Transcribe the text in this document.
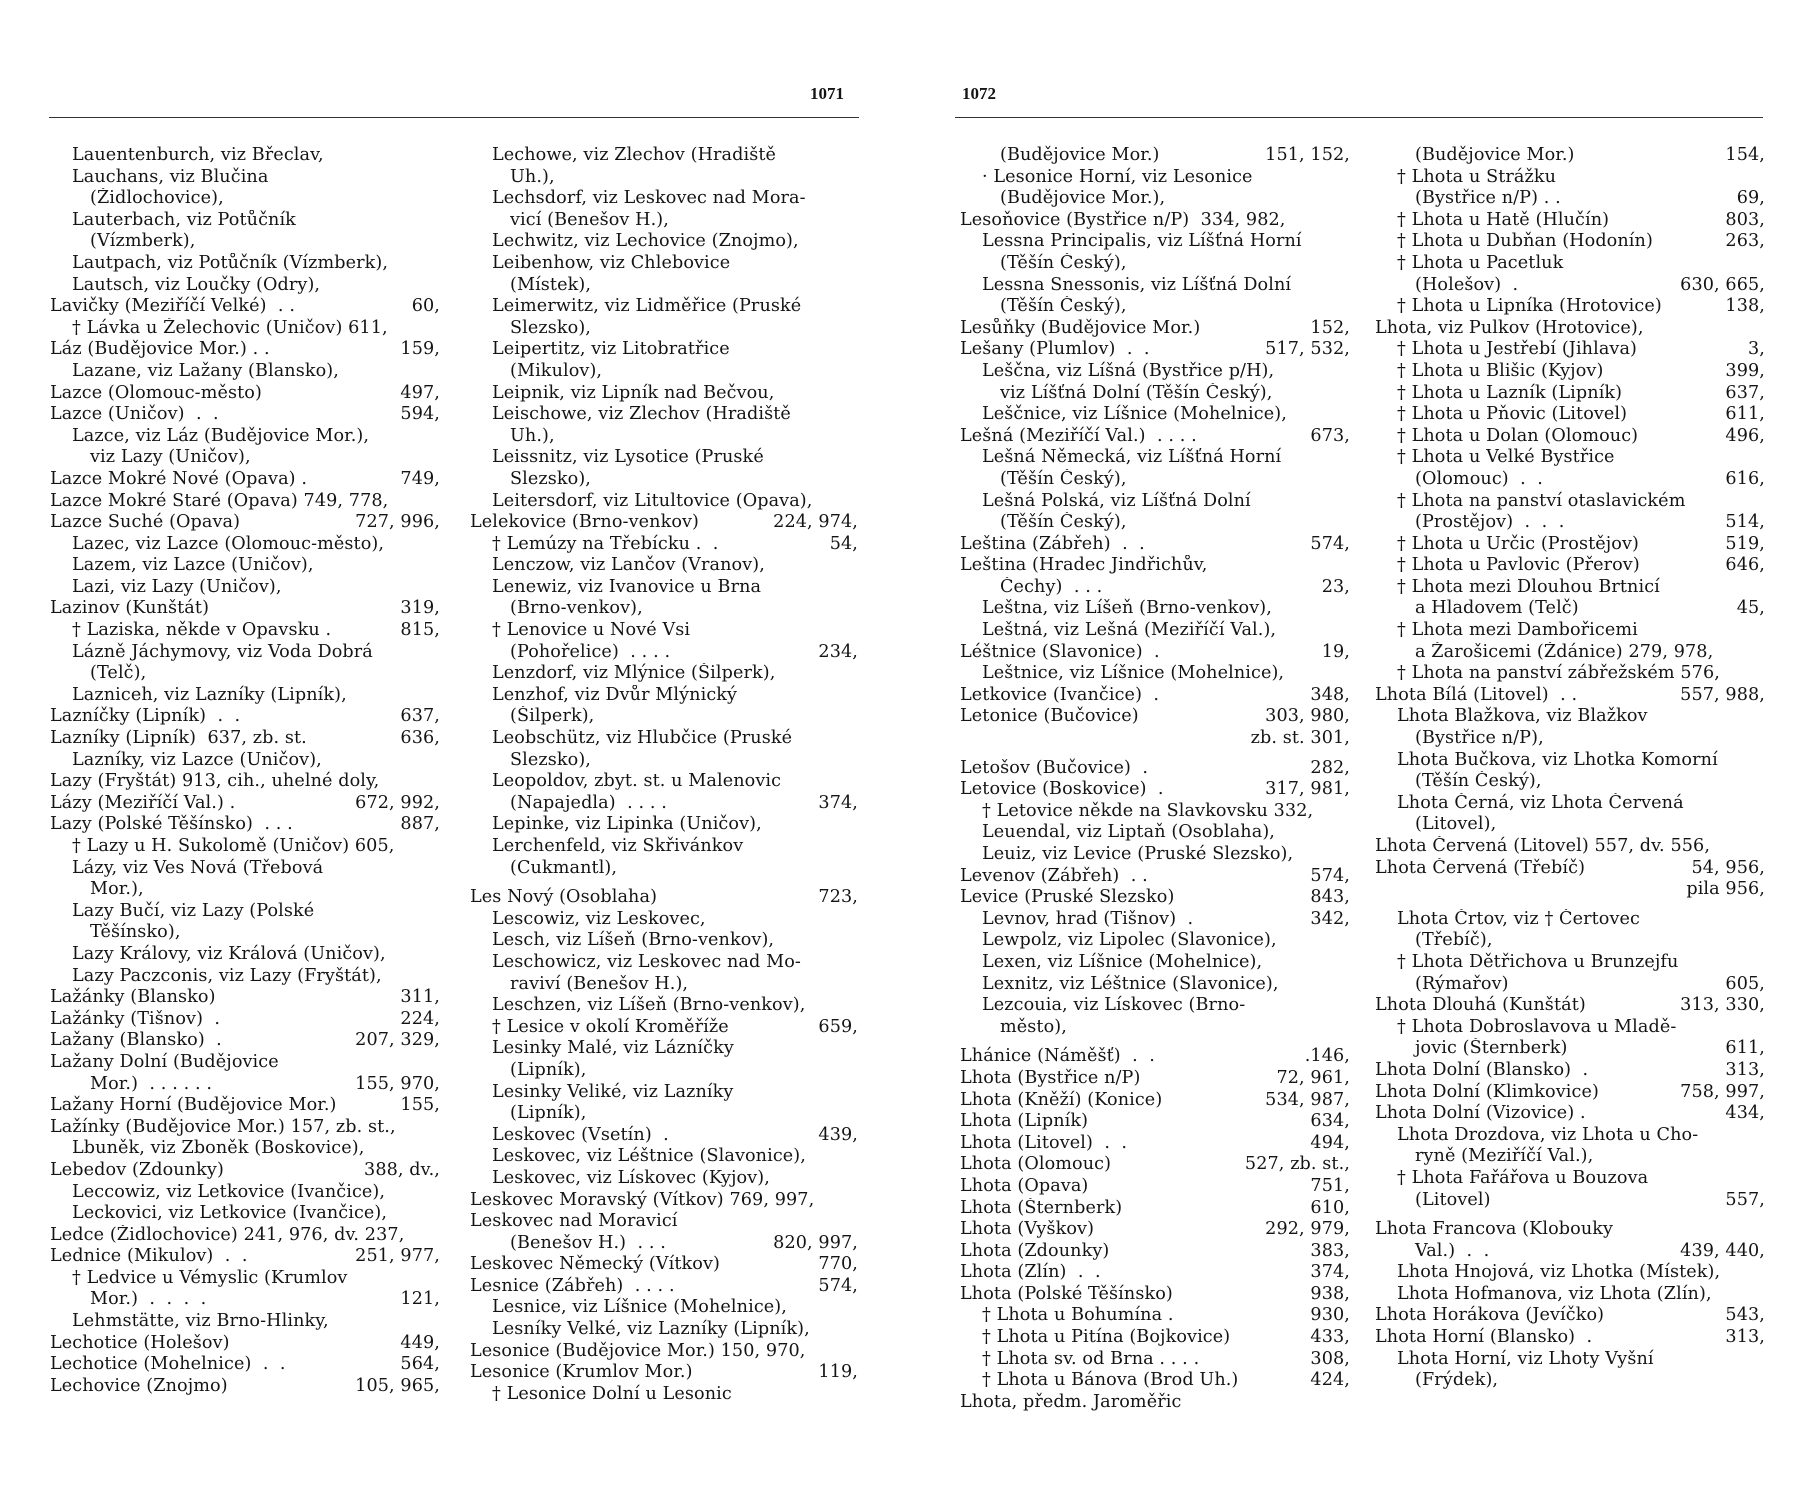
1071
Lauentenburch, viz Břeclav,
Lauchans, viz Blučina
(Židlochovice),
Lauterbach, viz Potůčník
(Vízmberk),
Lautpach, viz Potůčník (Vízmberk),
Lautsch, viz Loučky (Odry),
Lavičky (Meziříčí Velké)  . .	60,
† Lávka u Želechovic (Uničov) 611,
Láz (Budějovice Mor.) . .	159,
Lazane, viz Lažany (Blansko),
Lazce (Olomouc-město)	497,
Lazce (Uničov)  .  .	594,
Lazce, viz Láz (Budějovice Mor.),
viz Lazy (Uničov),
Lazce Mokré Nové (Opava) .	749,
Lazce Mokré Staré (Opava) 749, 778,
Lazce Suché (Opava)	727, 996,
Lazec, viz Lazce (Olomouc-město),
Lazem, viz Lazce (Uničov),
Lazi, viz Lazy (Uničov),
Lazinov (Kunštát)	319,
† Laziska, někde v Opavsku .	815,
Lázně Jáchymovy, viz Voda Dobrá
(Telč),
Lazniceh, viz Lazníky (Lipník),
Lazníčky (Lipník)  .  .	637,
Lazníky (Lipník)  637, zb. st.	636,
Lazníky, viz Lazce (Uničov),
Lazy (Fryštát) 913, cih., uhelné doly,
Lázy (Meziříčí Val.) .	672, 992,
Lazy (Polské Těšínsko)  . . .	887,
† Lazy u H. Sukolomě (Uničov) 605,
Lázy, viz Ves Nová (Třebová
Mor.),
Lazy Bučí, viz Lazy (Polské
Těšínsko),
Lazy Královy, viz Králová (Uničov),
Lazy Paczconis, viz Lazy (Fryštát),
Lažánky (Blansko)	311,
Lažánky (Tišnov)  .	224,
Lažany (Blansko)  .	207, 329,
Lažany Dolní (Budějovice
Mor.)  . . . . . .	155, 970,
Lažany Horní (Budějovice Mor.)	155,
Lažínky (Budějovice Mor.) 157, zb. st.,
Lbuněk, viz Zboněk (Boskovice),
Lebedov (Zdounky)	388, dv.,
Leccowiz, viz Letkovice (Ivančice),
Leckovici, viz Letkovice (Ivančice),
Ledce (Židlochovice) 241, 976, dv. 237,
Lednice (Mikulov)  .  .	251, 977,
† Ledvice u Vémyslic (Krumlov
Mor.)  .  .  .  .	121,
Lehmstätte, viz Brno-Hlinky,
Lechotice (Holešov)	449,
Lechotice (Mohelnice)  .  .	564,
Lechovice (Znojmo)	105, 965,
Lechowe, viz Zlechov (Hradiště
Uh.),
Lechsdorf, viz Leskovec nad Mora-
vicí (Benešov H.),
Lechwitz, viz Lechovice (Znojmo),
Leibenhow, viz Chlebovice
(Místek),
Leimerwitz, viz Lidměřice (Pruské
Slezsko),
Leipertitz, viz Litobratřice
(Mikulov),
Leipnik, viz Lipník nad Bečvou,
Leischowe, viz Zlechov (Hradiště
Uh.),
Leissnitz, viz Lysotice (Pruské
Slezsko),
Leitersdorf, viz Litultovice (Opava),
Lelekovice (Brno-venkov)	224, 974,
† Lemúzy na Třebícku .  .	54,
Lenczow, viz Lančov (Vranov),
Lenewiz, viz Ivanovice u Brna
(Brno-venkov),
† Lenovice u Nové Vsi
(Pohořelice)  . . . .	234,
Lenzdorf, viz Mlýnice (Šilperk),
Lenzhof, viz Dvůr Mlýnický
(Šilperk),
Leobschütz, viz Hlubčice (Pruské
Slezsko),
Leopoldov, zbyt. st. u Malenovic
(Napajedla)  . . . .	374,
Lepinke, viz Lipinka (Uničov),
Lerchenfeld, viz Skřivánkov
(Cukmantl),
Les Nový (Osoblaha)	723,
Lescowiz, viz Leskovec,
Lesch, viz Líšeň (Brno-venkov),
Leschowicz, viz Leskovec nad Mo-
raviví (Benešov H.),
Leschzen, viz Líšeň (Brno-venkov),
† Lesice v okolí Kroměříže	659,
Lesinky Malé, viz Lázníčky
(Lipník),
Lesinky Veliké, viz Lazníky
(Lipník),
Leskovec (Vsetín)  .	439,
Leskovec, viz Léštnice (Slavonice),
Leskovec, viz Lískovec (Kyjov),
Leskovec Moravský (Vítkov) 769, 997,
Leskovec nad Moravicí
(Benešov H.)  . . .	820, 997,
Leskovec Německý (Vítkov)	770,
Lesnice (Zábřeh)  . . . .	574,
Lesnice, viz Líšnice (Mohelnice),
Lesníky Velké, viz Lazníky (Lipník),
Lesonice (Budějovice Mor.) 150, 970,
Lesonice (Krumlov Mor.)	119,
† Lesonice Dolní u Lesonic
1072
(Budějovice Mor.)	151, 152,
· Lesonice Horní, viz Lesonice
(Budějovice Mor.),
Lesoňovice (Bystřice n/P)  334, 982,
Lessna Principalis, viz Líšťná Horní
(Těšín Český),
Lessna Snessonis, viz Líšťná Dolní
(Těšín Český),
Lesůňky (Budějovice Mor.)	152,
Lešany (Plumlov)  .  .	517, 532,
Leščna, viz Líšná (Bystřice p/H),
viz Líšťná Dolní (Těšín Český),
Leščnice, viz Líšnice (Mohelnice),
Lešná (Meziříčí Val.)  . . . .	673,
Lešná Německá, viz Líšťná Horní
(Těšín Český),
Lešná Polská, viz Líšťná Dolní
(Těšín Český),
Leština (Zábřeh)  .  .	574,
Leština (Hradec Jindřichův,
Čechy)  . . .	23,
Leštna, viz Líšeň (Brno-venkov),
Leštná, viz Lešná (Meziříčí Val.),
Léštnice (Slavonice)  .	19,
Leštnice, viz Líšnice (Mohelnice),
Letkovice (Ivančice)  .	348,
Letonice (Bučovice)	303, 980,
zb. st. 301,
Letošov (Bučovice)  .	282,
Letovice (Boskovice)  .	317, 981,
† Letovice někde na Slavkovsku 332,
Leuendal, viz Liptaň (Osoblaha),
Leuiz, viz Levice (Pruské Slezsko),
Levenov (Zábřeh)  . .	574,
Levice (Pruské Slezsko)	843,
Levnov, hrad (Tišnov)  .	342,
Lewpolz, viz Lipolec (Slavonice),
Lexen, viz Líšnice (Mohelnice),
Lexnitz, viz Léštnice (Slavonice),
Lezcouia, viz Lískovec (Brno-
město),
Lhánice (Náměšť)  .  .	.146,
Lhota (Bystřice n/P)	72, 961,
Lhota (Kněží) (Konice)	534, 987,
Lhota (Lipník)	634,
Lhota (Litovel)  .  .	494,
Lhota (Olomouc)	527, zb. st.,
Lhota (Opava)	751,
Lhota (Šternberk)	610,
Lhota (Vyškov)	292, 979,
Lhota (Zdounky)	383,
Lhota (Zlín)  .  .	374,
Lhota (Polské Těšínsko)	938,
† Lhota u Bohumína .	930,
† Lhota u Pitína (Bojkovice)	433,
† Lhota sv. od Brna . . . .	308,
† Lhota u Bánova (Brod Uh.)	424,
Lhota, předm. Jaroměřic
(Budějovice Mor.)	154,
† Lhota u Strážku
(Bystřice n/P) . .	69,
† Lhota u Hatě (Hlučín)	803,
† Lhota u Dubňan (Hodonín)	263,
† Lhota u Pacetluk
(Holešov)  .	630, 665,
† Lhota u Lipníka (Hrotovice)	138,
Lhota, viz Pulkov (Hrotovice),
† Lhota u Jestřebí (Jihlava)	3,
† Lhota u Blišic (Kyjov)	399,
† Lhota u Lazník (Lipník)	637,
† Lhota u Pňovic (Litovel)	611,
† Lhota u Dolan (Olomouc)	496,
† Lhota u Velké Bystřice
(Olomouc)  .  .	616,
† Lhota na panství otaslavickém
(Prostějov)  .  .  .	514,
† Lhota u Určic (Prostějov)	519,
† Lhota u Pavlovic (Přerov)	646,
† Lhota mezi Dlouhou Brtnicí
a Hladovem (Telč)	45,
† Lhota mezi Dambořicemi
a Žarošicemi (Ždánice) 279, 978,
† Lhota na panství zábřežském 576,
Lhota Bílá (Litovel)  . .	557, 988,
Lhota Blažkova, viz Blažkov
(Bystřice n/P),
Lhota Bučkova, viz Lhotka Komorní
(Těšín Český),
Lhota Černá, viz Lhota Červená
(Litovel),
Lhota Červená (Litovel) 557, dv. 556,
Lhota Červená (Třebíč)	54, 956,
pila 956,
Lhota Črtov, viz † Čertovec
(Třebíč),
† Lhota Dětřichova u Brunzejfu
(Rýmařov)	605,
Lhota Dlouhá (Kunštát)	313, 330,
† Lhota Dobroslavova u Mladě-
jovic (Šternberk)	611,
Lhota Dolní (Blansko)  .	313,
Lhota Dolní (Klimkovice)	758, 997,
Lhota Dolní (Vizovice) .	434,
Lhota Drozdova, viz Lhota u Cho-
ryně (Meziříčí Val.),
† Lhota Fařářova u Bouzova
(Litovel)	557,
Lhota Francova (Klobouky
Val.)  .  .	439, 440,
Lhota Hnojová, viz Lhotka (Místek),
Lhota Hofmanova, viz Lhota (Zlín),
Lhota Horákova (Jevíčko)	543,
Lhota Horní (Blansko)  .	313,
Lhota Horní, viz Lhoty Vyšní
(Frýdek),
